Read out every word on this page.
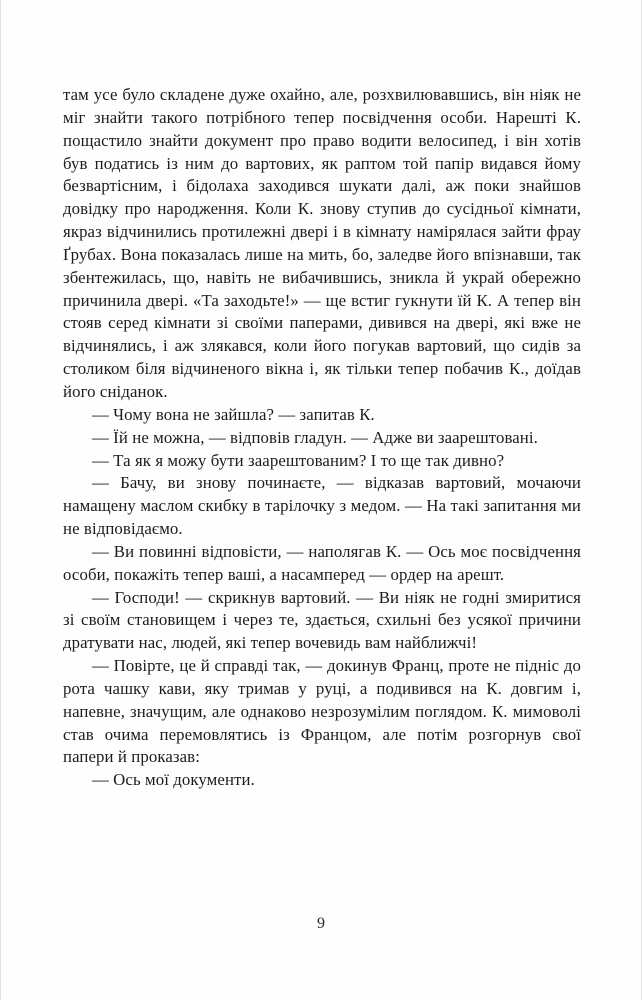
там усе було складене дуже охайно, але, розхвилювавшись, він ніяк не міг знайти такого потрібного тепер посвідчення особи. Нарешті К. пощастило знайти документ про право водити велосипед, і він хотів був податись із ним до вартових, як раптом той папір видався йому безвартісним, і бідолаха заходився шукати далі, аж поки знайшов довідку про народження. Коли К. знову ступив до сусідньої кімнати, якраз відчинились протилежні двері і в кімнату намірялася зайти фрау Ґрубах. Вона показалась лише на мить, бо, заледве його впізнавши, так збентежилась, що, навіть не вибачившись, зникла й украй обережно причинила двері. «Та заходьте!» — ще встиг гукнути їй К. А тепер він стояв серед кімнати зі своїми паперами, дивився на двері, які вже не відчинялись, і аж злякався, коли його погукав вартовий, що сидів за столиком біля відчиненого вікна і, як тільки тепер побачив К., доїдав його сніданок.

— Чому вона не зайшла? — запитав К.

— Їй не можна, — відповів гладун. — Адже ви заарештовані.

— Та як я можу бути заарештованим? І то ще так дивно?

— Бачу, ви знову починаєте, — відказав вартовий, мочаючи намащену маслом скибку в тарілочку з медом. — На такі запитання ми не відповідаємо.

— Ви повинні відповісти, — наполягав К. — Ось моє посвідчення особи, покажіть тепер ваші, а насамперед — ордер на арешт.

— Господи! — скрикнув вартовий. — Ви ніяк не годні змиритися зі своїм становищем і через те, здається, схильні без усякої причини дратувати нас, людей, які тепер вочевидь вам найближчі!

— Повірте, це й справді так, — докинув Франц, проте не підніс до рота чашку кави, яку тримав у руці, а подивився на К. довгим і, напевне, значущим, але однаково незрозумілим поглядом. К. мимоволі став очима перемовлятись із Францом, але потім розгорнув свої папери й проказав:

— Ось мої документи.

9
